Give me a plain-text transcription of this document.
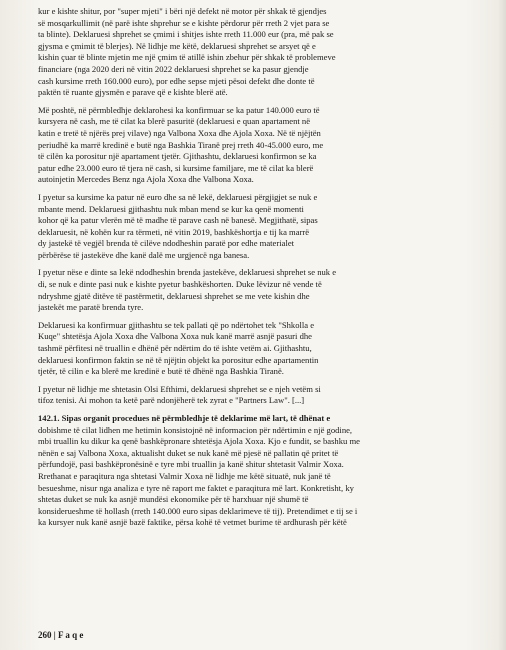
kur e kishte shitur, por "super mjeti" i bëri një defekt në motor për shkak të gjendjes
së mosqarkullimit (në parë ishte shprehur se e kishte përdorur për rreth 2 vjet para se
ta blinte). Deklaruesi shprehet se çmimi i shitjes ishte rreth 11.000 eur (pra, më pak se
gjysma e çmimit të blerjes). Në lidhje me këtë, deklaruesi shprehet se arsyet që e
kishin çuar të blinte mjetin me një çmim të atillë ishin zbehur për shkak të problemeve
financiare (nga 2020 deri në vitin 2022 deklaruesi shprehet se ka pasur gjendje
cash kursime rreth 160.000 euro), por edhe sepse mjeti pësoi defekt dhe donte të
paktën të ruante gjysmën e parave që e kishte blerë atë.

Më poshtë, në përmbledhje deklarohesi ka konfirmuar se ka patur 140.000 euro të
kursyera në cash, me të cilat ka blerë pasuritë (deklaruesi e quan apartament në
katin e tretë të njërës prej vilave) nga Valbona Xoxa dhe Ajola Xoxa. Në të njëjtën
periudhë ka marrë kredinë e butë nga Bashkia Tiranë prej rreth 40-45.000 euro, me
të cilën ka porositur një apartament tjetër. Gjithashtu, deklaruesi konfirmon se ka
patur edhe 23.000 euro të tjera në cash, si kursime familjare, me të cilat ka blerë
autoinjetin Mercedes Benz nga Ajola Xoxa dhe Valbona Xoxa.

I pyetur sa kursime ka patur në euro dhe sa në lekë, deklaruesi përgjigjet se nuk e
mbante mend. Deklaruesi gjithashtu nuk mban mend se kur ka qenë momenti
kohor që ka patur vlerën më të madhe të parave cash në banesë. Megjithatë, sipas
deklaruesit, në kohën kur ra tërmeti, në vitin 2019, bashkëshortja e tij ka marrë
dy jastekë të vegjël brenda të cilëve ndodheshin paratë por edhe materialet
përbërëse të jastekëve dhe kanë dalë me urgjencë nga banesa.

I pyetur nëse e dinte sa lekë ndodheshin brenda jastekëve, deklaruesi shprehet se nuk e
di, se nuk e dinte pasi nuk e kishte pyetur bashkëshorten. Duke lëvizur në vende të
ndryshme gjatë ditëve të pastërmetit, deklaruesi shprehet se me vete kishin dhe
jastekët me paratë brenda tyre.

Deklaruesi ka konfirmuar gjithashtu se tek pallati që po ndërtohet tek "Shkolla e
Kuqe" shtetësja Ajola Xoxa dhe Valbona Xoxa nuk kanë marrë asnjë pasuri dhe
tashmë përfitesi në truallin e dhënë për ndërtim do të ishte vetëm ai. Gjithashtu,
deklaruesi konfirmon faktin se në të njëjtin objekt ka porositur edhe apartamentin
tjetër, të cilin e ka blerë me kredinë e butë të dhënë nga Bashkia Tiranë.

I pyetur në lidhje me shtetasin Olsi Efthimi, deklaruesi shprehet se e njeh vetëm si
tifoz tenisi. Ai mohon ta ketë parë ndonjëherë tek zyrat e "Partners Law". [...]

142.1. Sipas organit procedues në përmbledhje të deklarime më lart, të dhënat e
dobishme të cilat lidhen me hetimin konsistojnë në informacion për ndërtimin e një godine,
mbi truallin ku dikur ka qenë bashkëpronare shtetësja Ajola Xoxa. Kjo e fundit, se bashku me
nënën e saj Valbona Xoxa, aktualisht duket se nuk kanë më pjesë në pallatin që pritet të
përfundojë, pasi bashkëpronësinë e tyre mbi truallin ja kanë shitur shtetasit Valmir Xoxa.
Rrethanat e paraqitura nga shtetasi Valmir Xoxa në lidhje me këtë situatë, nuk janë të
besueshme, nisur nga analiza e tyre në raport me faktet e paraqitura më lart. Konkretisht, ky
shtetas duket se nuk ka asnjë mundësi ekonomike për të harxhuar një shumë të
konsiderueshme të hollash (rreth 140.000 euro sipas deklarimeve të tij). Pretendimet e tij se i
ka kursyer nuk kanë asnjë bazë faktike, përsa kohë të vetmet burime të ardhurash për këtë

260 | F a q e
